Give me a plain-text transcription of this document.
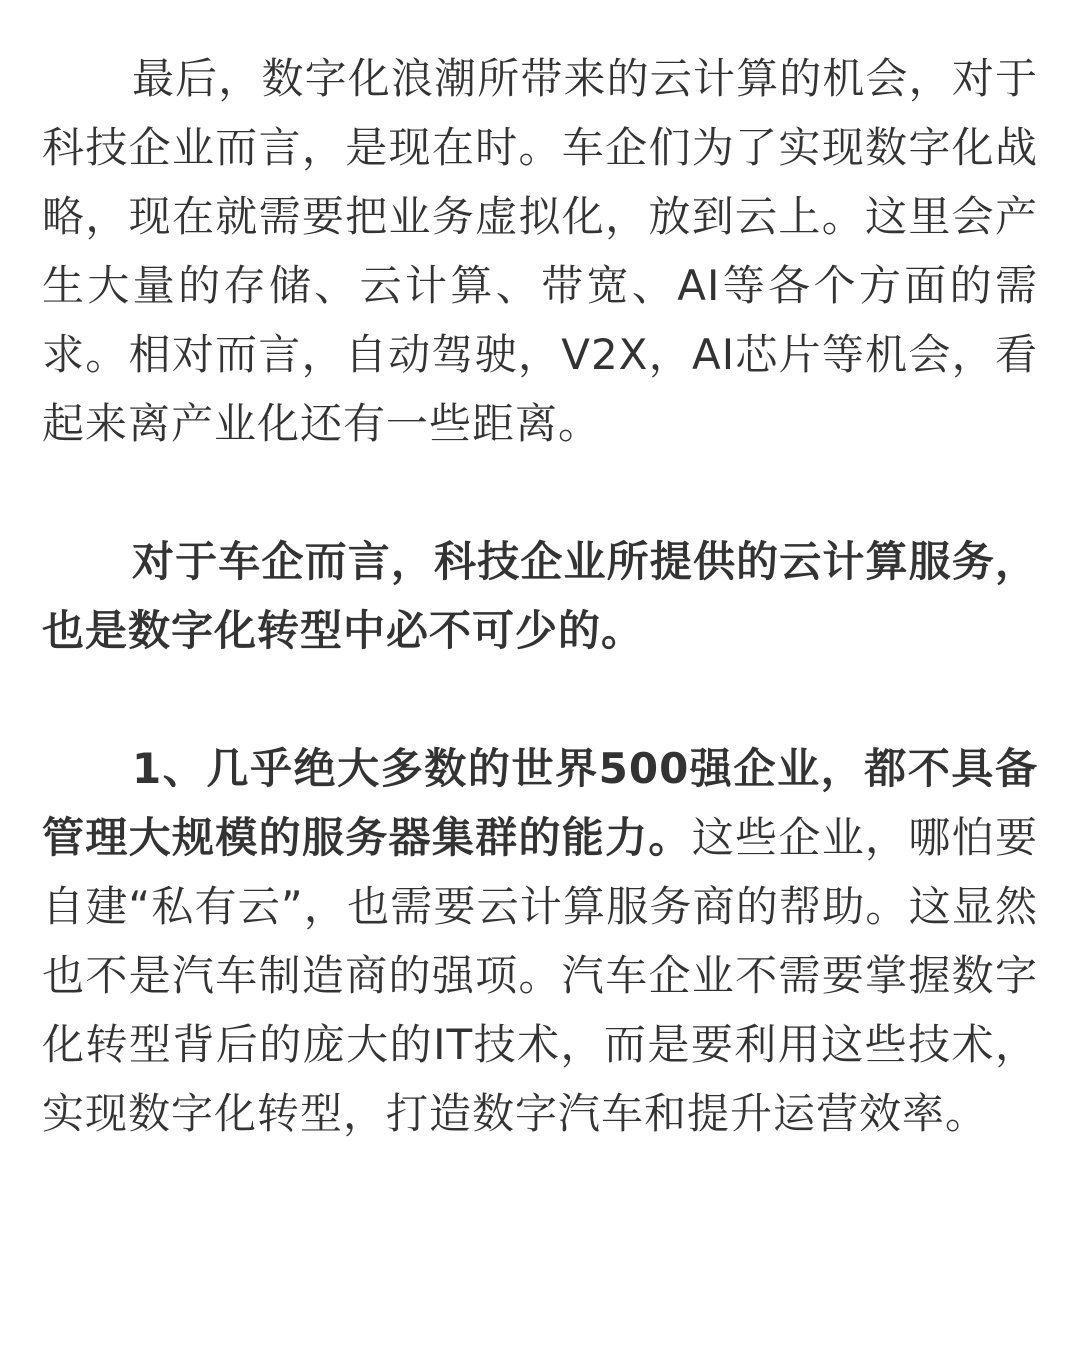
最后，数字化浪潮所带来的云计算的机会，对于科技企业而言，是现在时。车企们为了实现数字化战略，现在就需要把业务虚拟化，放到云上。这里会产生大量的存储、云计算、带宽、AI等各个方面的需求。相对而言，自动驾驶，V2X，AI芯片等机会，看起来离产业化还有一些距离。

对于车企而言，科技企业所提供的云计算服务，也是数字化转型中必不可少的。

1、几乎绝大多数的世界500强企业，都不具备管理大规模的服务器集群的能力。这些企业，哪怕要自建“私有云”，也需要云计算服务商的帮助。这显然也不是汽车制造商的强项。汽车企业不需要掌握数字化转型背后的庞大的IT技术，而是要利用这些技术，实现数字化转型，打造数字汽车和提升运营效率。
